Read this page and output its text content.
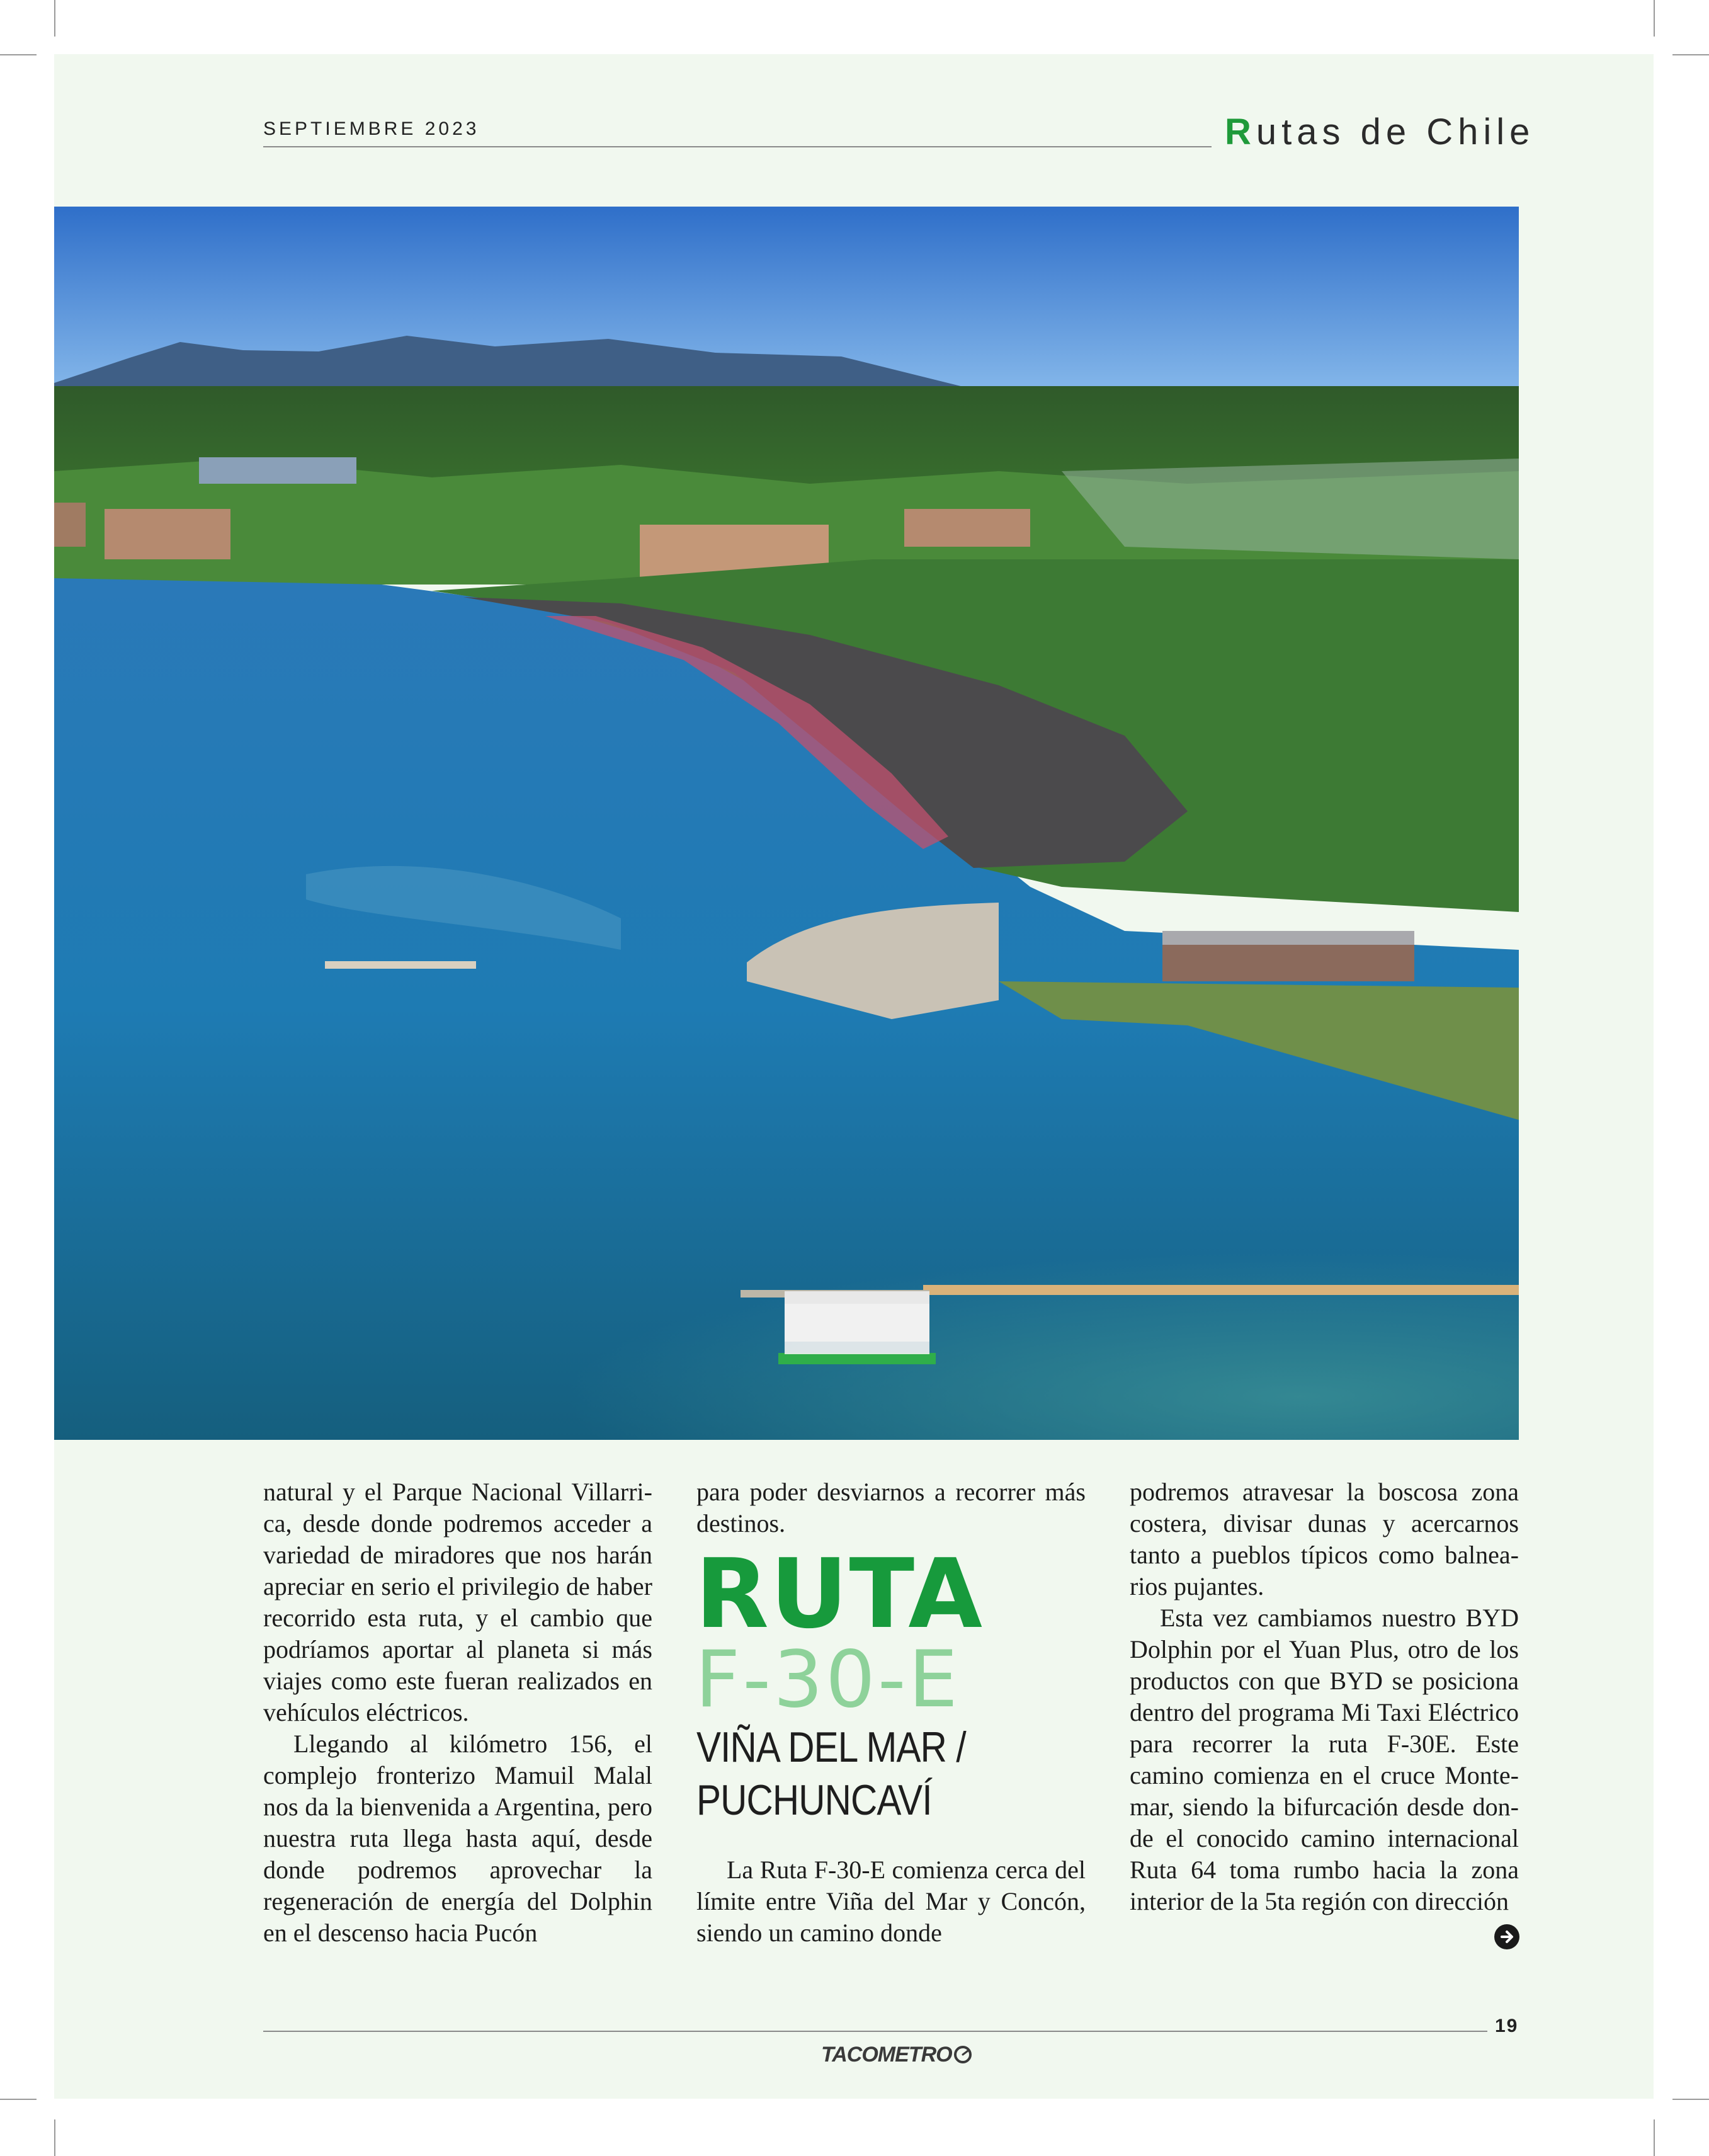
SEPTIEMBRE 2023	Rutas de Chile

natural y el Parque Nacional Villarrica, desde donde podremos acceder a variedad de miradores que nos harán apreciar en serio el privilegio de haber recorrido esta ruta, y el cambio que podríamos aportar al planeta si más viajes como este fueran realizados en vehículos eléctricos.

Llegando al kilómetro 156, el complejo fronterizo Mamuil Malal nos da la bienvenida a Argentina, pero nuestra ruta llega hasta aquí, desde donde podremos aprovechar la regeneración de energía del Dolphin en el descenso hacia Pucón

para poder desviarnos a recorrer más destinos.

RUTA
F-30-E
VIÑA DEL MAR /
PUCHUNCAVÍ

La Ruta F-30-E comienza cerca del límite entre Viña del Mar y Concón, siendo un camino donde

podremos atravesar la boscosa zona costera, divisar dunas y acercarnos tanto a pueblos típicos como balnearios pujantes.

Esta vez cambiamos nuestro BYD Dolphin por el Yuan Plus, otro de los productos con que BYD se posiciona dentro del programa Mi Taxi Eléctrico para recorrer la ruta F-30E. Este camino comienza en el cruce Montemar, siendo la bifurcación desde donde el conocido camino internacional Ruta 64 toma rumbo hacia la zona interior de la 5ta región con dirección

19
TACOMETRO
